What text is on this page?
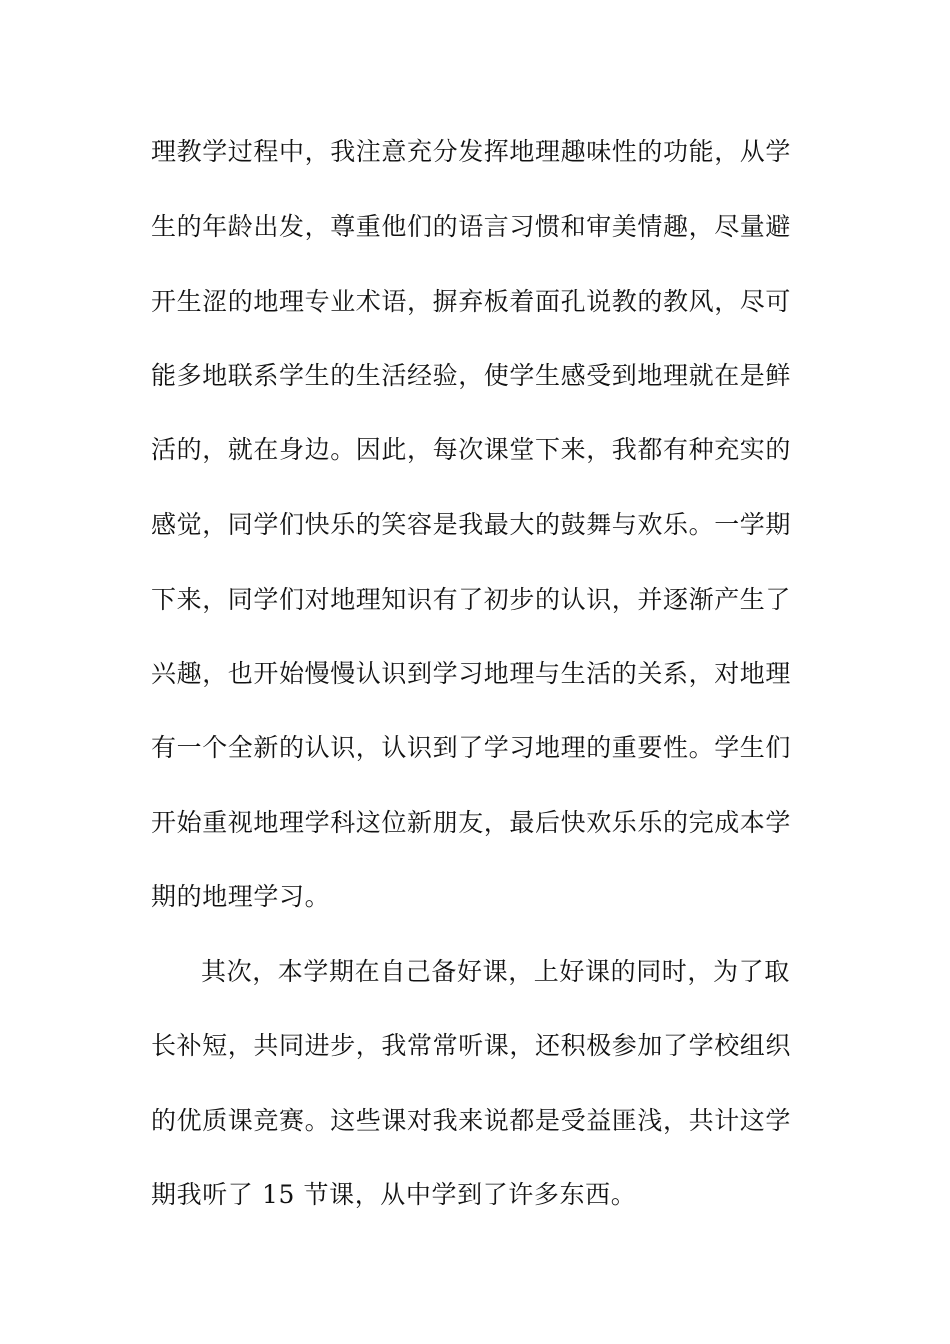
理教学过程中，我注意充分发挥地理趣味性的功能，从学
生的年龄出发，尊重他们的语言习惯和审美情趣，尽量避
开生涩的地理专业术语，摒弃板着面孔说教的教风，尽可
能多地联系学生的生活经验，使学生感受到地理就在是鲜
活的，就在身边。因此，每次课堂下来，我都有种充实的
感觉，同学们快乐的笑容是我最大的鼓舞与欢乐。一学期
下来，同学们对地理知识有了初步的认识，并逐渐产生了
兴趣，也开始慢慢认识到学习地理与生活的关系，对地理
有一个全新的认识，认识到了学习地理的重要性。学生们
开始重视地理学科这位新朋友，最后快欢乐乐的完成本学
期的地理学习。
其次，本学期在自己备好课，上好课的同时，为了取
长补短，共同进步，我常常听课，还积极参加了学校组织
的优质课竞赛。这些课对我来说都是受益匪浅，共计这学
期我听了 15 节课，从中学到了许多东西。
